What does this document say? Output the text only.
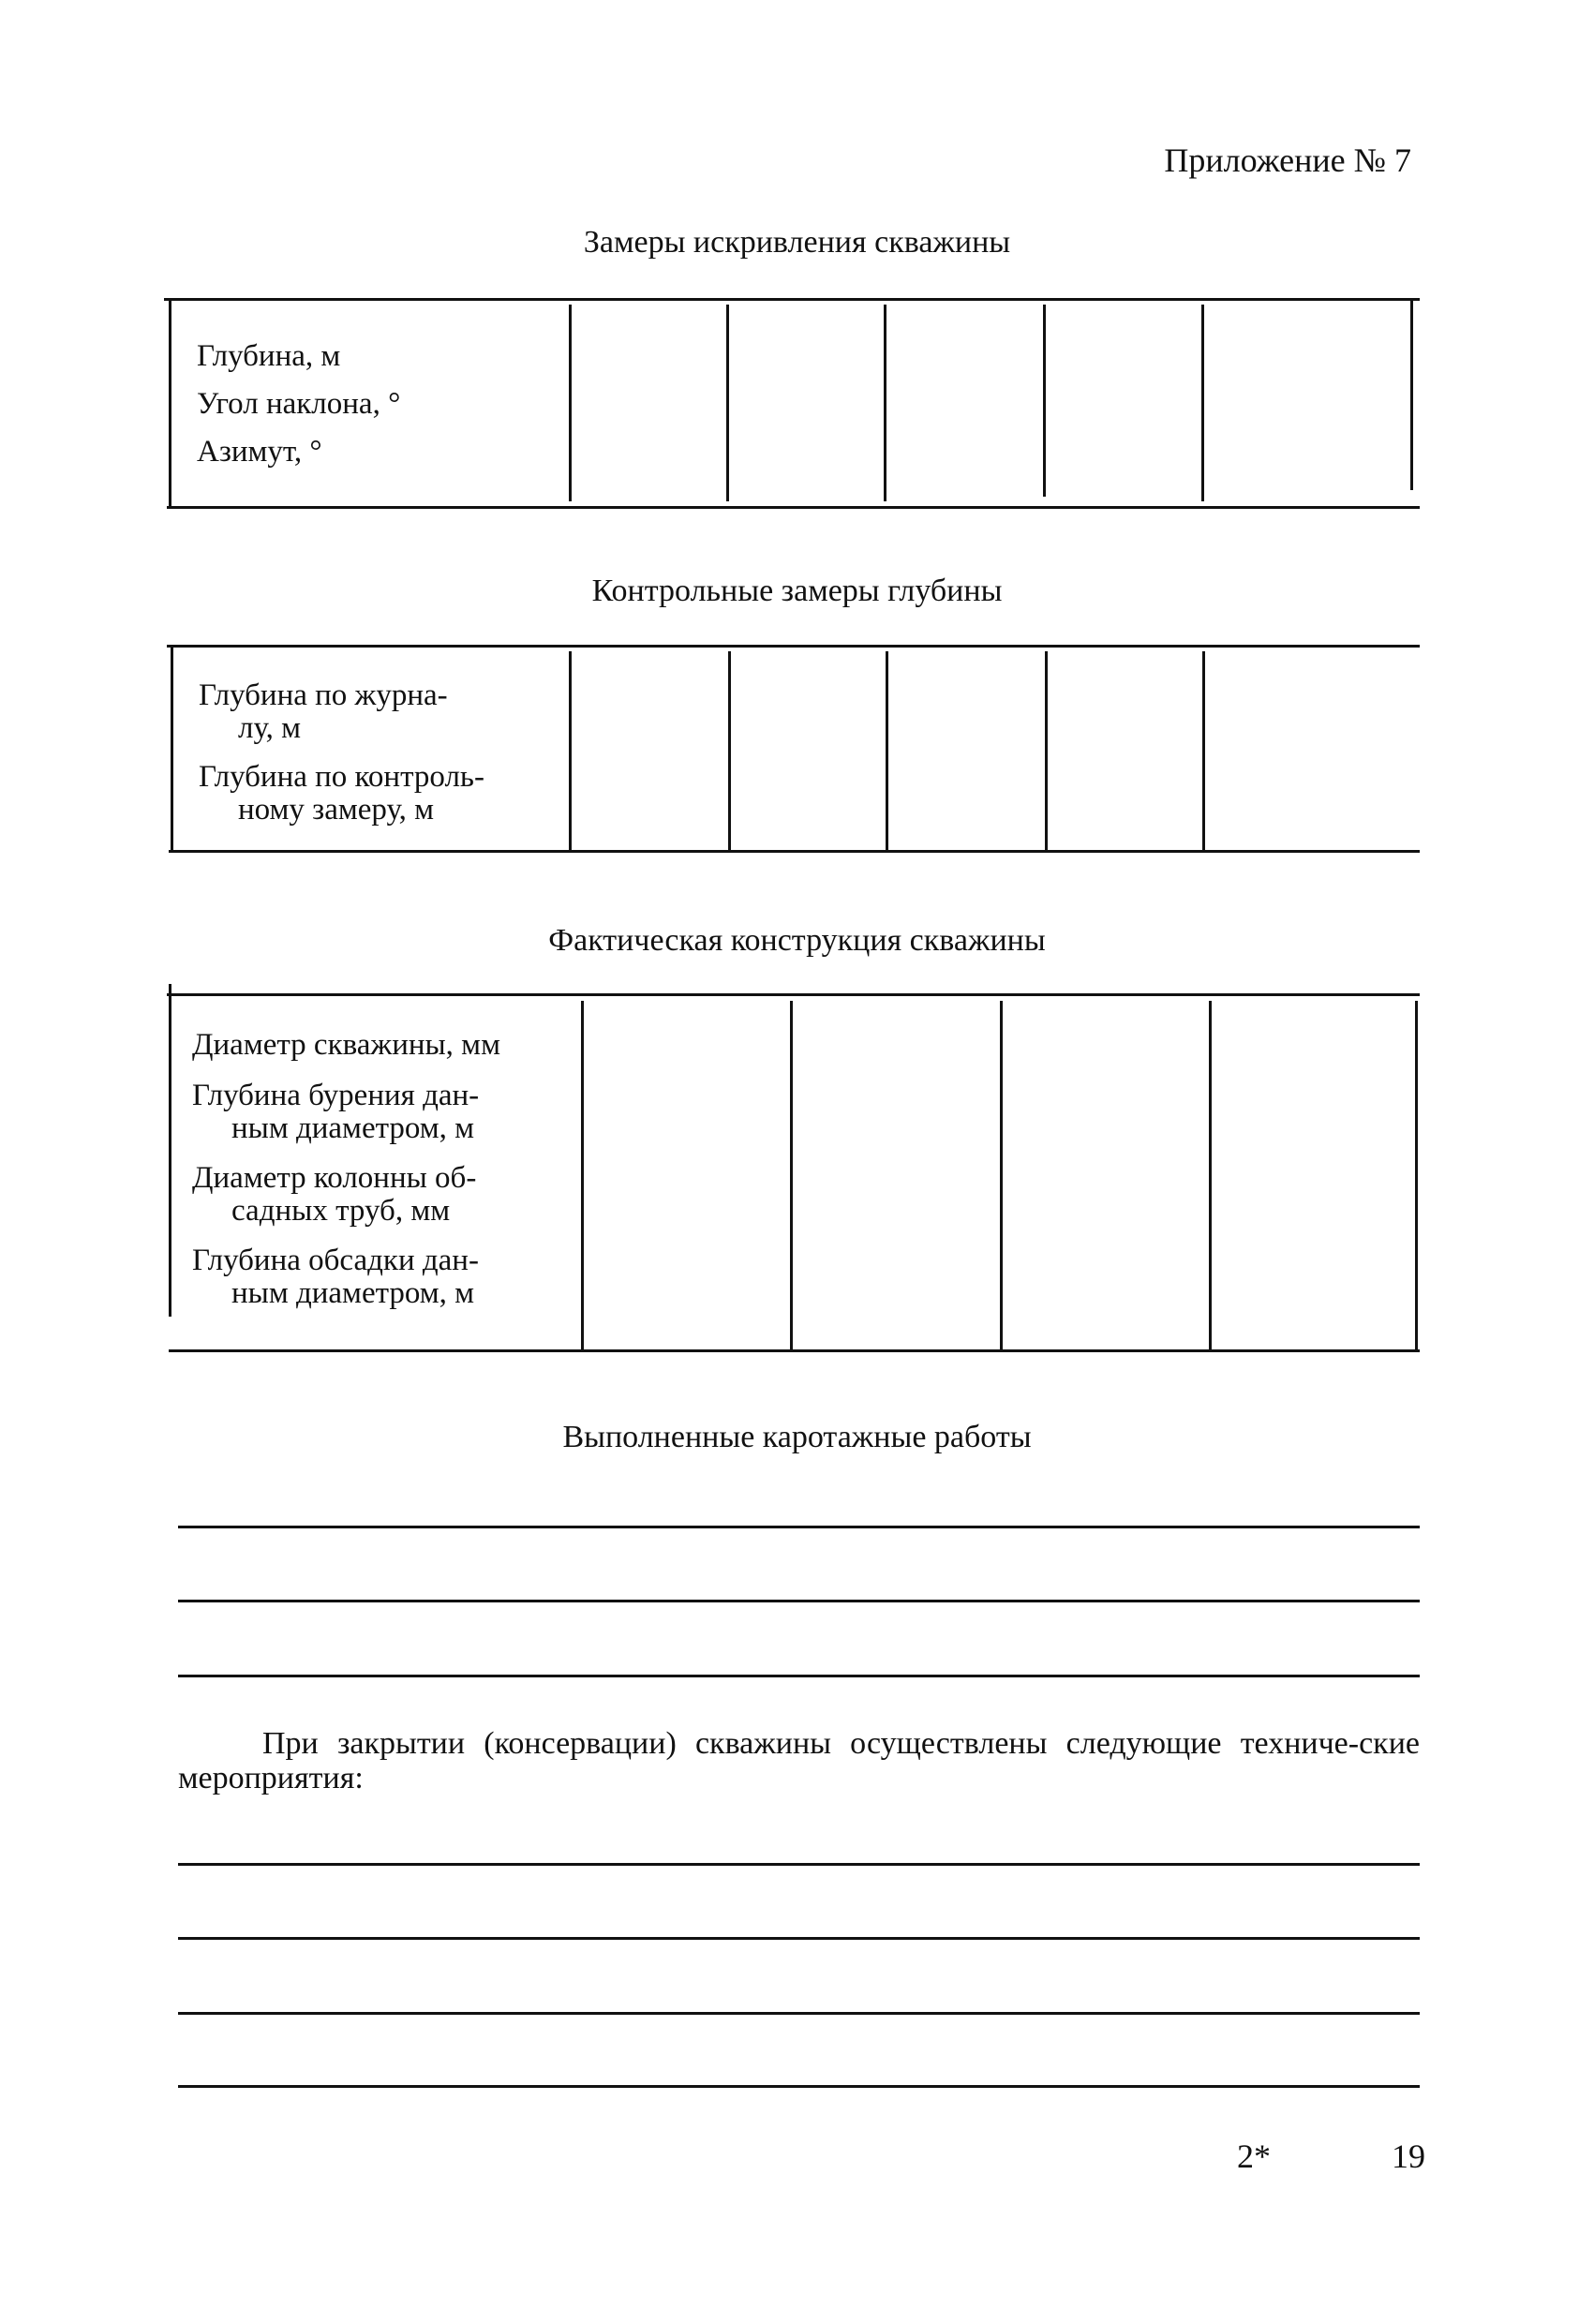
Приложение № 7
Замеры искривления скважины
Глубина, м
Угол наклона, °
Азимут, °
Контрольные замеры глубины
Глубина по журна-
лу, м
Глубина по контроль-
ному замеру, м
Фактическая конструкция скважины
Диаметр скважины, мм
Глубина бурения дан-
ным диаметром, м
Диаметр колонны об-
садных труб, мм
Глубина обсадки дан-
ным диаметром, м
Выполненные каротажные работы
При закрытии (консервации) скважины осуществлены следующие техниче-ские мероприятия:
2*	19
